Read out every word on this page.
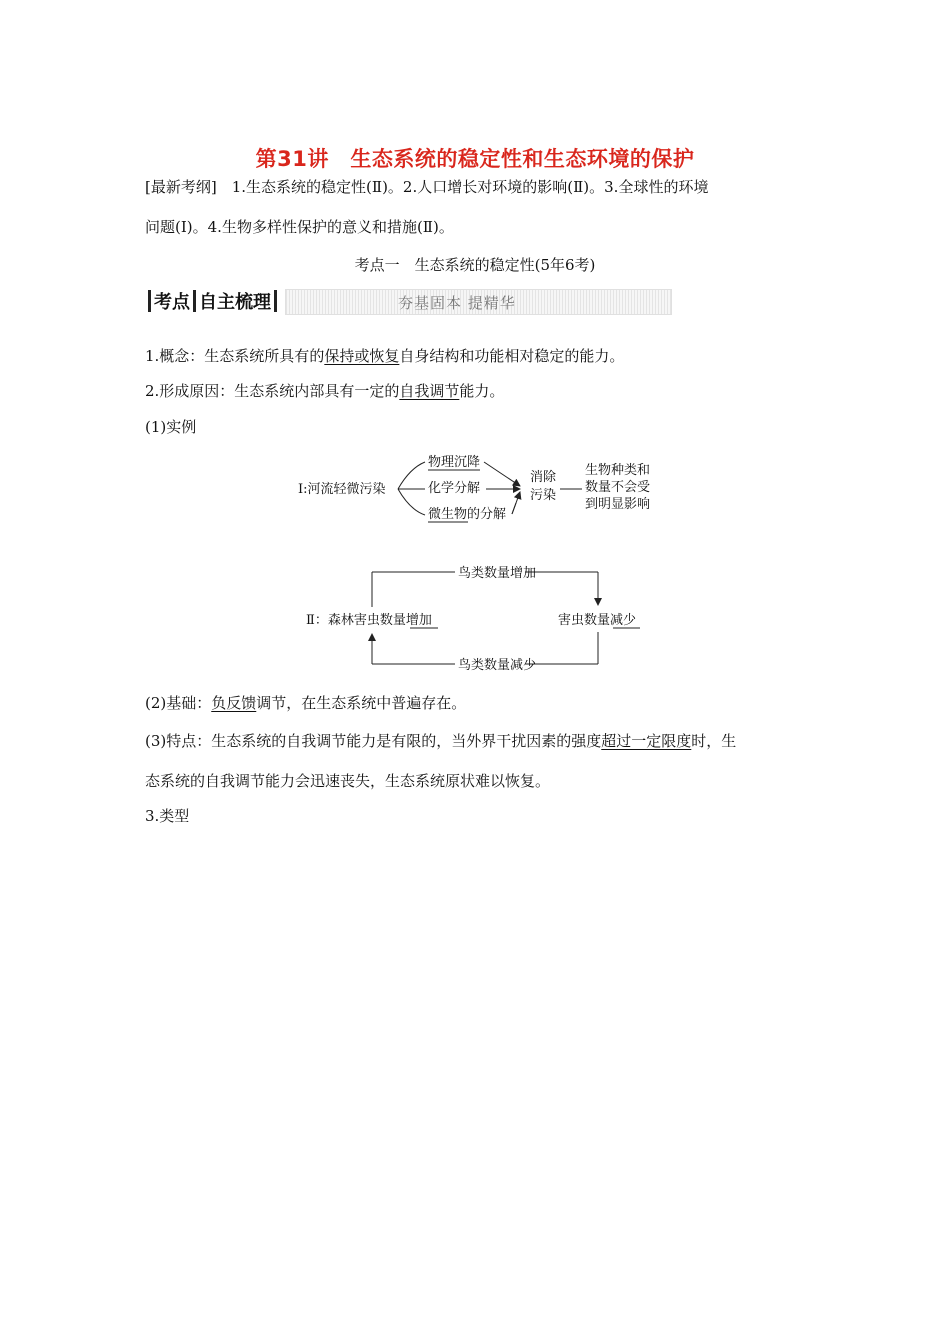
第31讲　生态系统的稳定性和生态环境的保护
[最新考纲]　1.生态系统的稳定性(Ⅱ)。2.人口增长对环境的影响(Ⅱ)。3.全球性的环境
问题(Ⅰ)。4.生物多样性保护的意义和措施(Ⅱ)。
考点一　生态系统的稳定性(5年6考)
考点 自主梳理	夯基固本 提精华
1.概念：生态系统所具有的保持或恢复自身结构和功能相对稳定的能力。
2.形成原因：生态系统内部具有一定的自我调节能力。
(1)实例
Ⅰ:河流轻微污染
物理沉降
化学分解
微生物的分解
消除
污染
生物种类和
数量不会受
到明显影响
鸟类数量增加
鸟类数量减少
Ⅱ：森林害虫数量增加	害虫数量减少
(2)基础：负反馈调节，在生态系统中普遍存在。
(3)特点：生态系统的自我调节能力是有限的，当外界干扰因素的强度超过一定限度时，生
态系统的自我调节能力会迅速丧失，生态系统原状难以恢复。
3.类型
